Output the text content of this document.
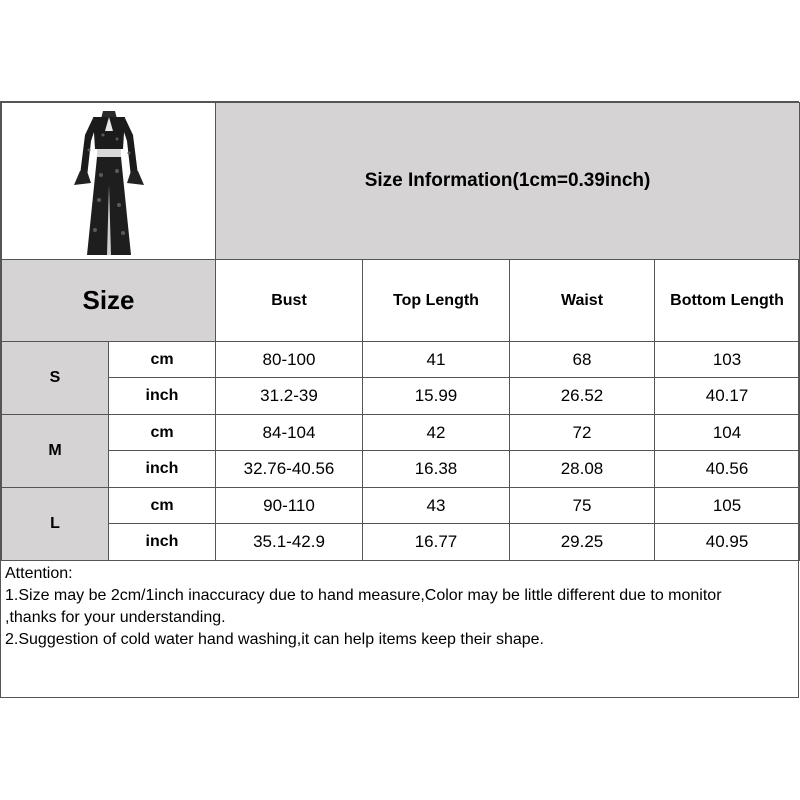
	Size Information(1cm=0.39inch)			
Size		Bust	Top Length	Waist	Bottom Length
S	cm	80-100	41	68	103
	inch	31.2-39	15.99	26.52	40.17
M	cm	84-104	42	72	104
	inch	32.76-40.56	16.38	28.08	40.56
L	cm	90-110	43	75	105
	inch	35.1-42.9	16.77	29.25	40.95
Attention:
1.Size may be 2cm/1inch inaccuracy due to hand measure,Color may be little different due to monitor
,thanks for your understanding.
2.Suggestion of cold water hand washing,it can help items keep their shape.
